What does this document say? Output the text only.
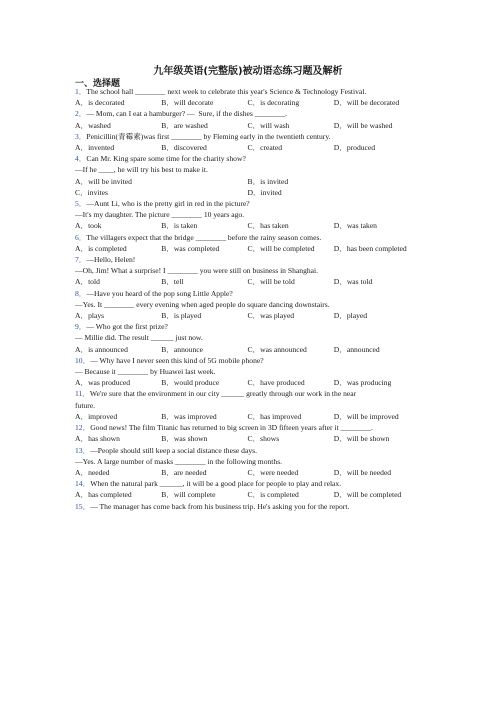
九年级英语(完整版)被动语态练习题及解析
一、选择题
1．The school hall ________ next week to celebrate this year's Science & Technology Festival.
A．is decorated	B．will decorate	C．is decorating	D．will be decorated
2．— Mom, can I eat a hamburger? —  Sure, if the dishes ________.
A．washed	B．are washed	C．will wash	D．will be washed
3．Penicillin(青霉素)was first ________ by Fleming early in the twentieth century.
A．invented	B．discovered	C．created	D．produced
4．Can Mr. King spare some time for the charity show?
—If he ____, he will try his best to make it.
A．will be invited	B．is invited
C．invites	D．invited
5．—Aunt Li, who is the pretty girl in red in the picture?
—It's my daughter. The picture ________ 10 years ago.
A．took	B．is taken	C．has taken	D．was taken
6．The villagers expect that the bridge ________ before the rainy season comes.
A．is completed	B．was completed	C．will be completed	D．has been completed
7．—Hello, Helen!
—Oh, Jim! What a surprise! I ________ you were still on business in Shanghai.
A．told	B．tell	C．will be told	D．was told
8．—Have you heard of the pop song Little Apple?
—Yes. It ________ every evening when aged people do square dancing downstairs.
A．plays	B．is played	C．was played	D．played
9．— Who got the first prize?
— Millie did. The result ______ just now.
A．is announced	B．announce	C．was announced	D．announced
10．— Why have I never seen this kind of 5G mobile phone?
— Because it ________ by Huawei last week.
A．was produced	B．would produce	C．have produced	D．was producing
11．We're sure that the environment in our city ______ greatly through our work in the near
future.
A．improved	B．was improved	C．has improved	D．will be improved
12．Good news! The film Titanic has returned to big screen in 3D fifteen years after it ________.
A．has shown	B．was shown	C．shows	D．will be shown
13．—People should still keep a social distance these days.
—Yes. A large number of masks ________ in the following months.
A．needed	B．are needed	C．were needed	D．will be needed
14．When the natural park ______, it will be a good place for people to play and relax.
A．has completed	B．will complete	C．is completed	D．will be completed
15．— The manager has come back from his business trip. He's asking you for the report.
